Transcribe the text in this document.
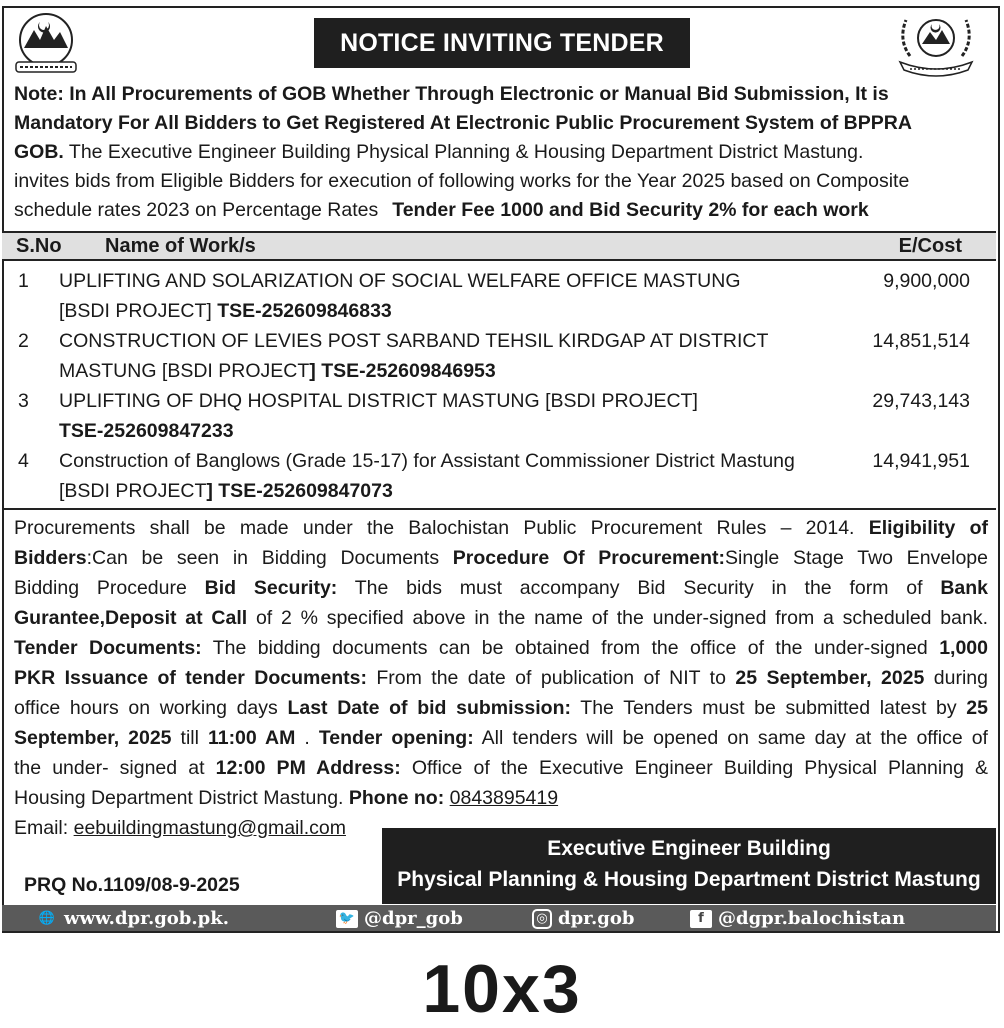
NOTICE INVITING TENDER
Note: In All Procurements of GOB Whether Through Electronic or Manual Bid Submission, It is
Mandatory For All Bidders to Get Registered At Electronic Public Procurement System of BPPRA
GOB. The Executive Engineer Building Physical Planning & Housing Department District Mastung.
invites bids from Eligible Bidders for execution of following works for the Year 2025 based on Composite
schedule rates 2023 on Percentage Rates Tender Fee 1000 and Bid Security 2% for each work
S.No Name of Work/s	E/Cost
1 UPLIFTING AND SOLARIZATION OF SOCIAL WELFARE OFFICE MASTUNG
[BSDI PROJECT] TSE-252609846833
9,900,000
2 CONSTRUCTION OF LEVIES POST SARBAND TEHSIL KIRDGAP AT DISTRICT
MASTUNG [BSDI PROJECT] TSE-252609846953
14,851,514
3 UPLIFTING OF DHQ HOSPITAL DISTRICT MASTUNG [BSDI PROJECT]
TSE-252609847233
29,743,143
4 Construction of Banglows (Grade 15-17) for Assistant Commissioner District Mastung
[BSDI PROJECT] TSE-252609847073
14,941,951
Procurements shall be made under the Balochistan Public Procurement Rules – 2014. Eligibility of
Bidders:Can be seen in Bidding Documents Procedure Of Procurement:Single Stage Two Envelope
Bidding Procedure Bid Security: The bids must accompany Bid Security in the form of Bank
Gurantee,Deposit at Call of 2 % specified above in the name of the under-signed from a scheduled bank.
Tender Documents: The bidding documents can be obtained from the office of the under-signed 1,000
PKR Issuance of tender Documents: From the date of publication of NIT to 25 September, 2025 during
office hours on working days Last Date of bid submission: The Tenders must be submitted latest by 25
September, 2025 till 11:00 AM . Tender opening: All tenders will be opened on same day at the office of
the under- signed at 12:00 PM Address: Office of the Executive Engineer Building Physical Planning &
Housing Department District Mastung. Phone no: 0843895419
Email: eebuildingmastung@gmail.com
Executive Engineer Building
Physical Planning & Housing Department District Mastung
PRQ No.1109/08-9-2025
🌐 www.dpr.gob.pk.	🐦 @dpr_gob	◎ dpr.gob	f @dgpr.balochistan
10x3
